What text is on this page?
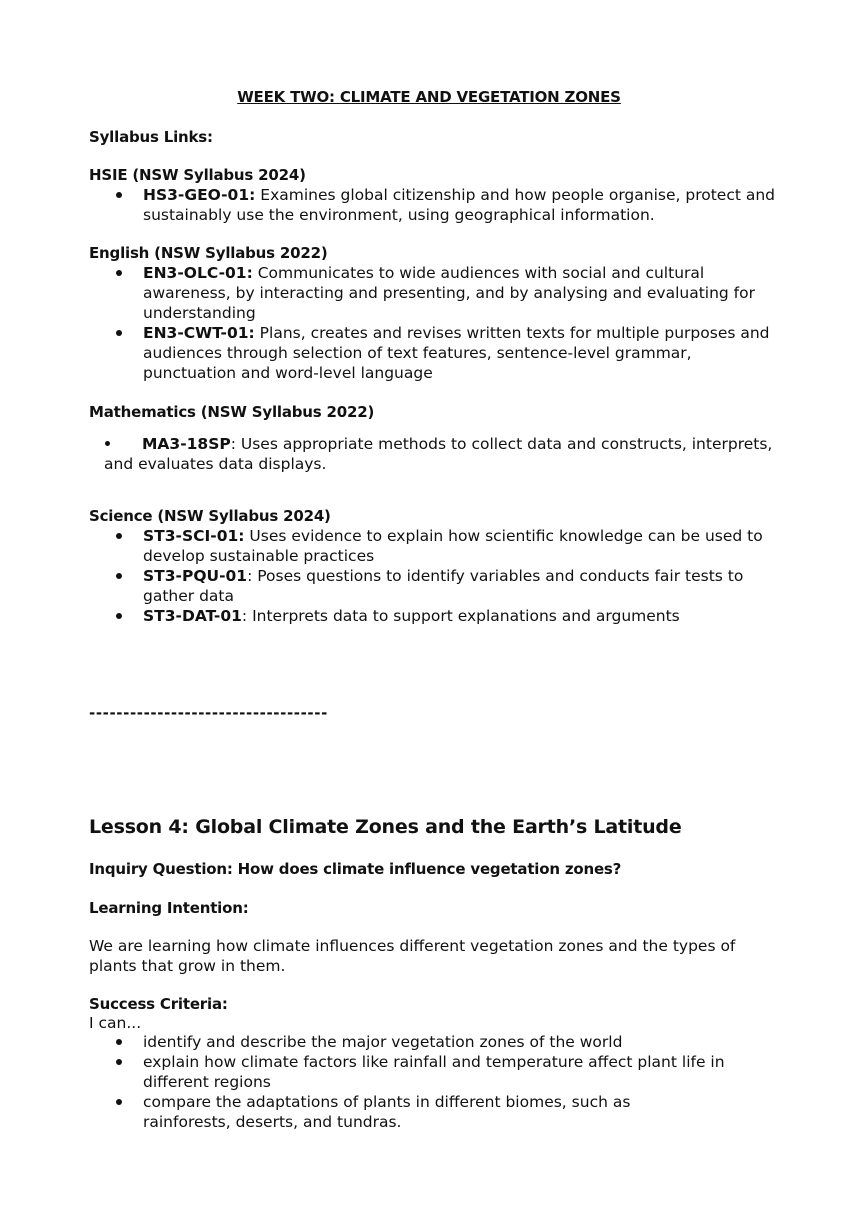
WEEK TWO: CLIMATE AND VEGETATION ZONES
Syllabus Links:
HSIE (NSW Syllabus 2024)
HS3-GEO-01: Examines global citizenship and how people organise, protect and sustainably use the environment, using geographical information.
English (NSW Syllabus 2022)
EN3-OLC-01: Communicates to wide audiences with social and cultural awareness, by interacting and presenting, and by analysing and evaluating for understanding
EN3-CWT-01: Plans, creates and revises written texts for multiple purposes and audiences through selection of text features, sentence-level grammar, punctuation and word-level language
Mathematics (NSW Syllabus 2022)
MA3-18SP: Uses appropriate methods to collect data and constructs, interprets, and evaluates data displays.
Science (NSW Syllabus 2024)
ST3-SCI-01: Uses evidence to explain how scientific knowledge can be used to develop sustainable practices
ST3-PQU-01: Poses questions to identify variables and conducts fair tests to gather data
ST3-DAT-01: Interprets data to support explanations and arguments
-----------------------------------
Lesson 4: Global Climate Zones and the Earth’s Latitude
Inquiry Question: How does climate influence vegetation zones?
Learning Intention:
We are learning how climate influences different vegetation zones and the types of plants that grow in them.
Success Criteria:
I can...
identify and describe the major vegetation zones of the world
explain how climate factors like rainfall and temperature affect plant life in different regions
compare the adaptations of plants in different biomes, such as rainforests, deserts, and tundras.
